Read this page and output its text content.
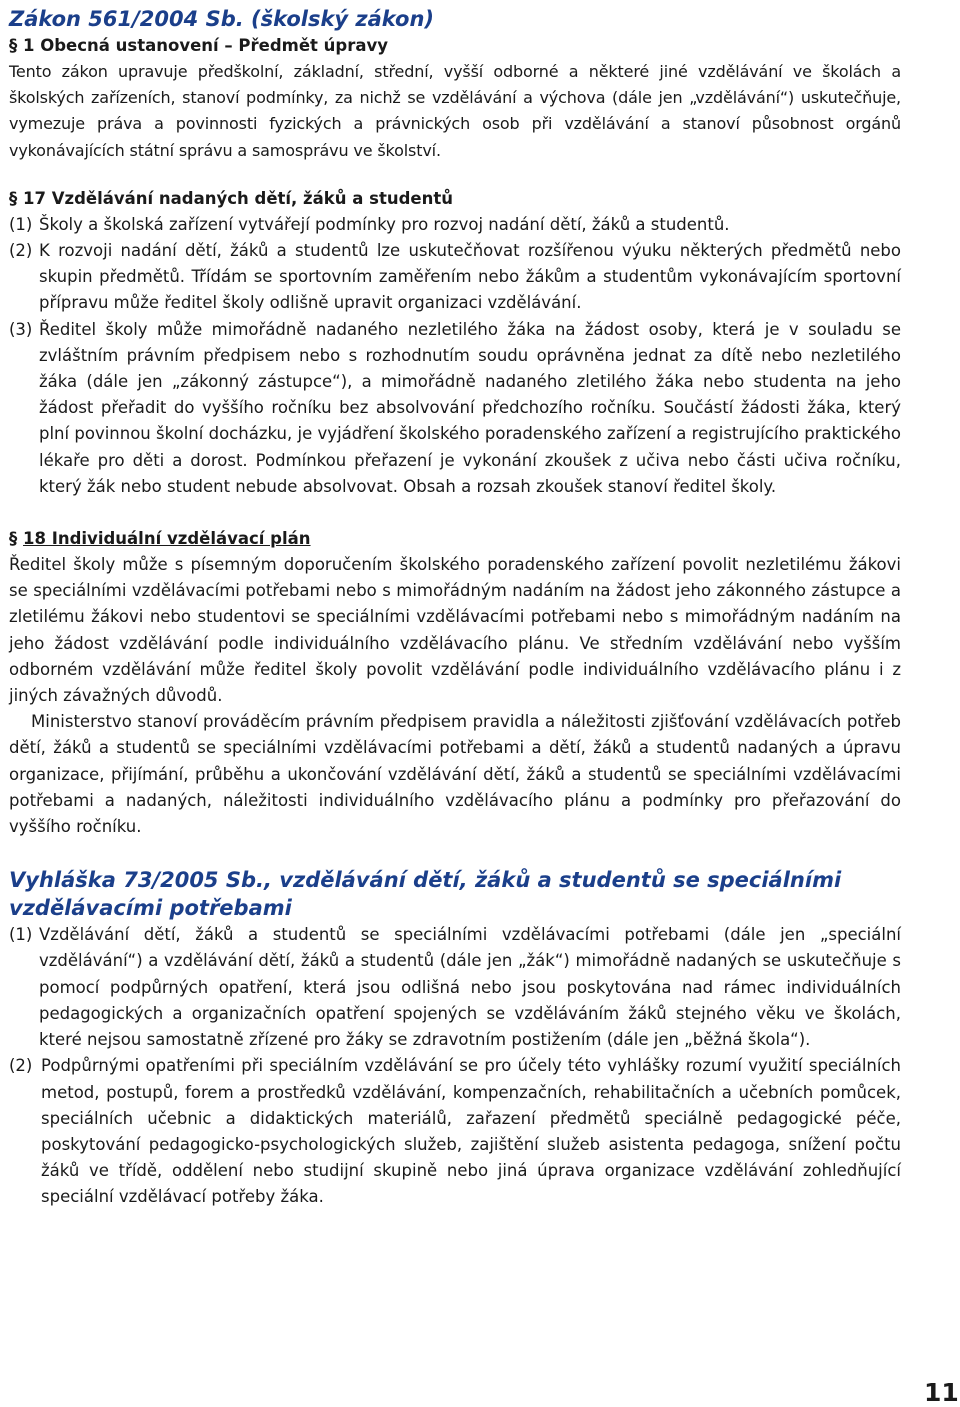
Zákon 561/2004 Sb. (školský zákon)
§ 1 Obecná ustanovení – Předmět úpravy

Tento zákon upravuje předškolní, základní, střední, vyšší odborné a některé jiné vzdělávání ve školách a školských zařízeních, stanoví podmínky, za nichž se vzdělávání a výchova (dále jen „vzdělávání“) uskutečňuje, vymezuje práva a povinnosti fyzických a právnických osob při vzdělávání a stanoví působnost orgánů vykonávajících státní správu a samosprávu ve školství.

§ 17 Vzdělávání nadaných dětí, žáků a studentů
(1) Školy a školská zařízení vytvářejí podmínky pro rozvoj nadání dětí, žáků a studentů.
(2) K rozvoji nadání dětí, žáků a studentů lze uskutečňovat rozšířenou výuku některých předmětů nebo skupin předmětů. Třídám se sportovním zaměřením nebo žákům a studentům vykonávajícím sportovní přípravu může ředitel školy odlišně upravit organizaci vzdělávání.
(3) Ředitel školy může mimořádně nadaného nezletilého žáka na žádost osoby, která je v souladu se zvláštním právním předpisem nebo s rozhodnutím soudu oprávněna jednat za dítě nebo nezletilého žáka (dále jen „zákonný zástupce“), a mimořádně nadaného zletilého žáka nebo studenta na jeho žádost přeřadit do vyššího ročníku bez absolvování předchozího ročníku. Součástí žádosti žáka, který plní povinnou školní docházku, je vyjádření školského poradenského zařízení a registrujícího praktického lékaře pro děti a dorost. Podmínkou přeřazení je vykonání zkoušek z učiva nebo části učiva ročníku, který žák nebo student nebude absolvovat. Obsah a rozsah zkoušek stanoví ředitel školy.
§ 18 Individuální vzdělávací plán

Ředitel školy může s písemným doporučením školského poradenského zařízení povolit nezletilému žákovi se speciálními vzdělávacími potřebami nebo s mimořádným nadáním na žádost jeho zákonného zástupce a zletilému žákovi nebo studentovi se speciálními vzdělávacími potřebami nebo s mimořádným nadáním na jeho žádost vzdělávání podle individuálního vzdělávacího plánu. Ve středním vzdělávání nebo vyšším odborném vzdělávání může ředitel školy povolit vzdělávání podle individuálního vzdělávacího plánu i z jiných závažných důvodů.

Ministerstvo stanoví prováděcím právním předpisem pravidla a náležitosti zjišťování vzdělávacích potřeb dětí, žáků a studentů se speciálními vzdělávacími potřebami a dětí, žáků a studentů nadaných a úpravu organizace, přijímání, průběhu a ukončování vzdělávání dětí, žáků a studentů se speciálními vzdělávacími potřebami a nadaných, náležitosti individuálního vzdělávacího plánu a podmínky pro přeřazování do vyššího ročníku.

Vyhláška 73/2005 Sb., vzdělávání dětí, žáků a studentů se speciálními vzdělávacími potřebami
(1) Vzdělávání dětí, žáků a studentů se speciálními vzdělávacími potřebami (dále jen „speciální vzdělávání“) a vzdělávání dětí, žáků a studentů (dále jen „žák“) mimořádně nadaných se uskutečňuje s pomocí podpůrných opatření, která jsou odlišná nebo jsou poskytována nad rámec individuálních pedagogických a organizačních opatření spojených se vzděláváním žáků stejného věku ve školách, které nejsou samostatně zřízené pro žáky se zdravotním postižením (dále jen „běžná škola“).
(2) Podpůrnými opatřeními při speciálním vzdělávání se pro účely této vyhlášky rozumí využití speciálních metod, postupů, forem a prostředků vzdělávání, kompenzačních, rehabilitačních a učebních pomůcek, speciálních učebnic a didaktických materiálů, zařazení předmětů speciálně pedagogické péče, poskytování pedagogicko-psychologických služeb, zajištění služeb asistenta pedagoga, snížení počtu žáků ve třídě, oddělení nebo studijní skupině nebo jiná úprava organizace vzdělávání zohledňující speciální vzdělávací potřeby žáka.
11
